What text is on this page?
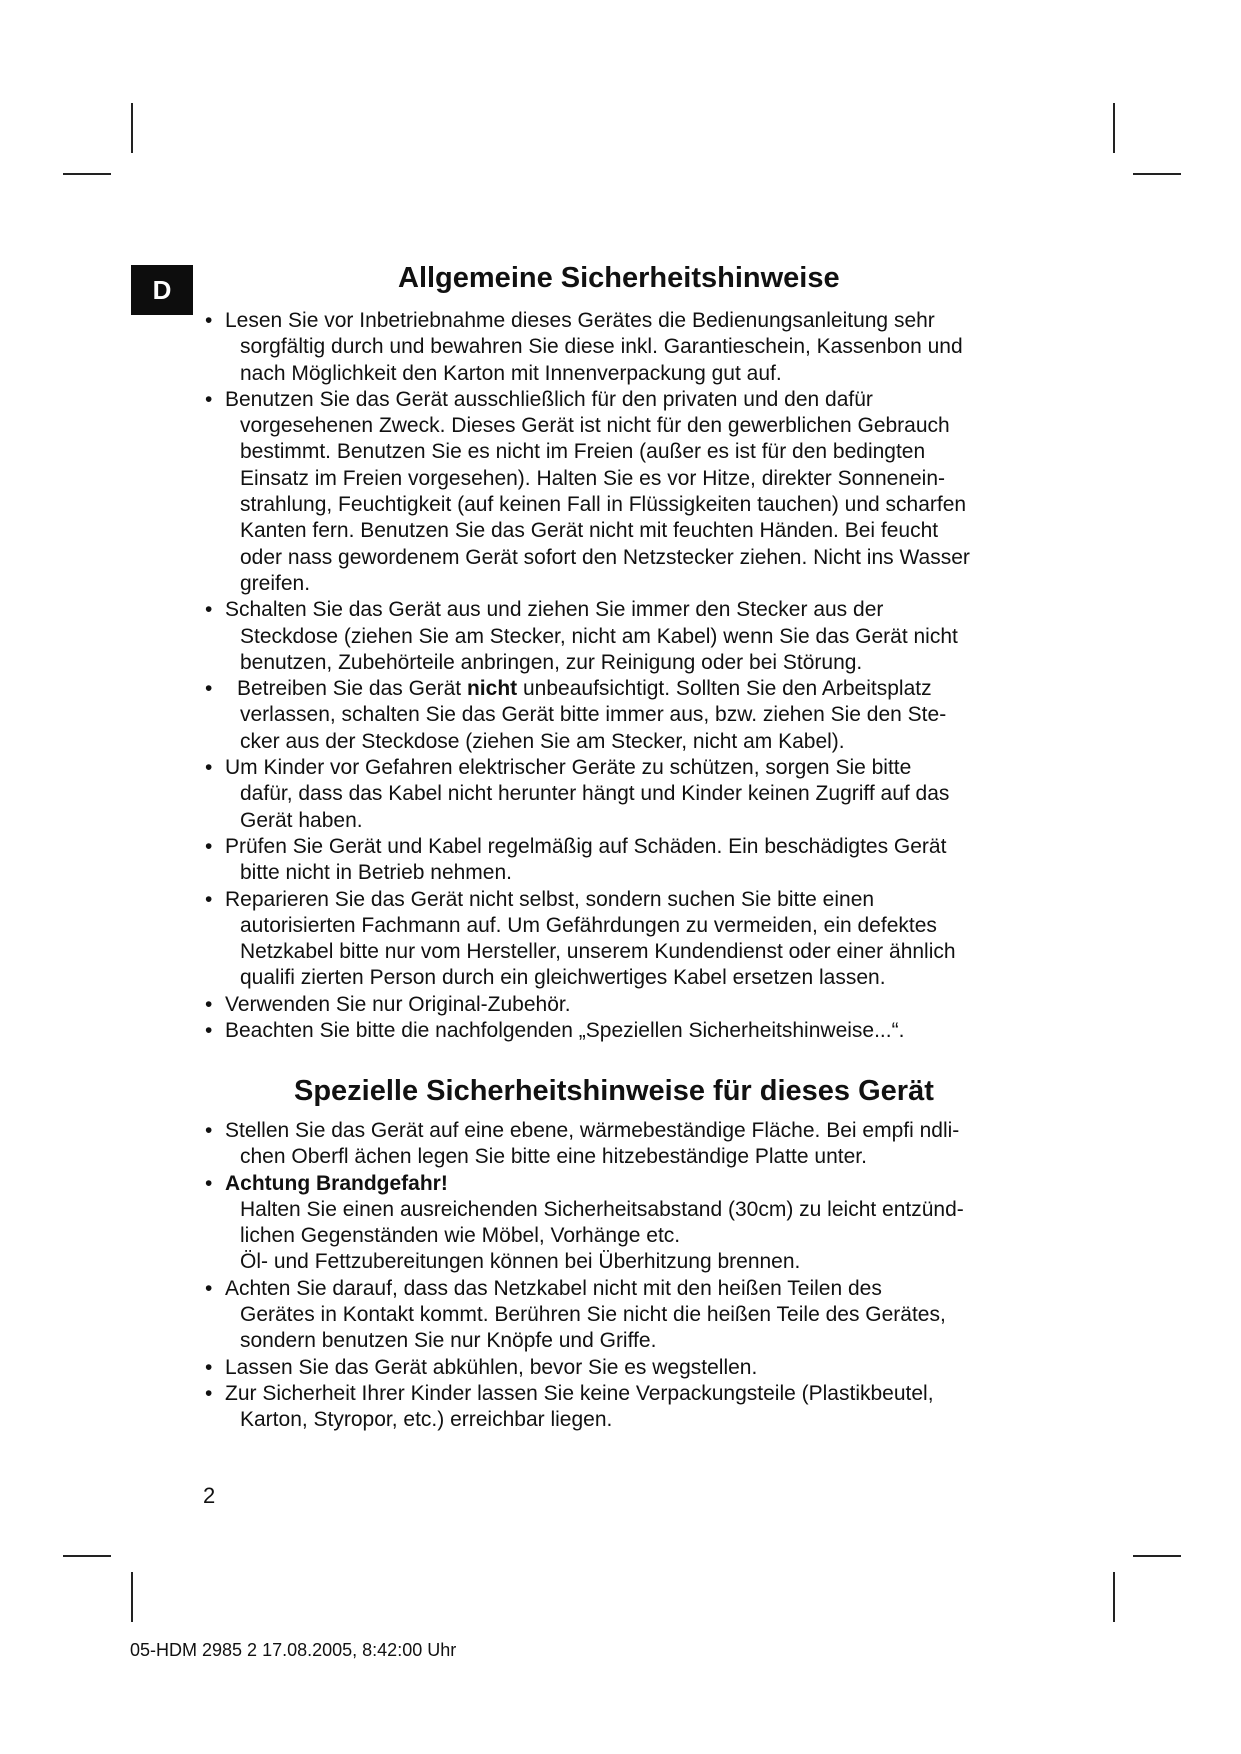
D	Allgemeine Sicherheitshinweise
• Lesen Sie vor Inbetriebnahme dieses Gerätes die Bedienungsanleitung sehr
sorgfältig durch und bewahren Sie diese inkl. Garantieschein, Kassenbon und
nach Möglichkeit den Karton mit Innenverpackung gut auf.
• Benutzen Sie das Gerät ausschließlich für den privaten und den dafür
vorgesehenen Zweck. Dieses Gerät ist nicht für den gewerblichen Gebrauch
bestimmt. Benutzen Sie es nicht im Freien (außer es ist für den bedingten
Einsatz im Freien vorgesehen). Halten Sie es vor Hitze, direkter Sonnenein-
strahlung, Feuchtigkeit (auf keinen Fall in Flüssigkeiten tauchen) und scharfen
Kanten fern. Benutzen Sie das Gerät nicht mit feuchten Händen. Bei feucht
oder nass gewordenem Gerät sofort den Netzstecker ziehen. Nicht ins Wasser
greifen.
• Schalten Sie das Gerät aus und ziehen Sie immer den Stecker aus der
Steckdose (ziehen Sie am Stecker, nicht am Kabel) wenn Sie das Gerät nicht
benutzen, Zubehörteile anbringen, zur Reinigung oder bei Störung.
•	Betreiben Sie das Gerät nicht unbeaufsichtigt. Sollten Sie den Arbeitsplatz
verlassen, schalten Sie das Gerät bitte immer aus, bzw. ziehen Sie den Ste-
cker aus der Steckdose (ziehen Sie am Stecker, nicht am Kabel).
• Um Kinder vor Gefahren elektrischer Geräte zu schützen, sorgen Sie bitte
dafür, dass das Kabel nicht herunter hängt und Kinder keinen Zugriff auf das
Gerät haben.
• Prüfen Sie Gerät und Kabel regelmäßig auf Schäden. Ein beschädigtes Gerät
bitte nicht in Betrieb nehmen.
• Reparieren Sie das Gerät nicht selbst, sondern suchen Sie bitte einen
autorisierten Fachmann auf. Um Gefährdungen zu vermeiden, ein defektes
Netzkabel bitte nur vom Hersteller, unserem Kundendienst oder einer ähnlich
qualifi zierten Person durch ein gleichwertiges Kabel ersetzen lassen.
• Verwenden Sie nur Original-Zubehör.
• Beachten Sie bitte die nachfolgenden „Speziellen Sicherheitshinweise...“.
Spezielle Sicherheitshinweise für dieses Gerät
• Stellen Sie das Gerät auf eine ebene, wärmebeständige Fläche. Bei empfi ndli-
chen Oberfl ächen legen Sie bitte eine hitzebeständige Platte unter.
• Achtung Brandgefahr!
Halten Sie einen ausreichenden Sicherheitsabstand (30cm) zu leicht entzünd-
lichen Gegenständen wie Möbel, Vorhänge etc.
Öl- und Fettzubereitungen können bei Überhitzung brennen.
• Achten Sie darauf, dass das Netzkabel nicht mit den heißen Teilen des
Gerätes in Kontakt kommt. Berühren Sie nicht die heißen Teile des Gerätes,
sondern benutzen Sie nur Knöpfe und Griffe.
• Lassen Sie das Gerät abkühlen, bevor Sie es wegstellen.
• Zur Sicherheit Ihrer Kinder lassen Sie keine Verpackungsteile (Plastikbeutel,
Karton, Styropor, etc.) erreichbar liegen.
2
05-HDM 2985 2 17.08.2005, 8:42:00 Uhr
